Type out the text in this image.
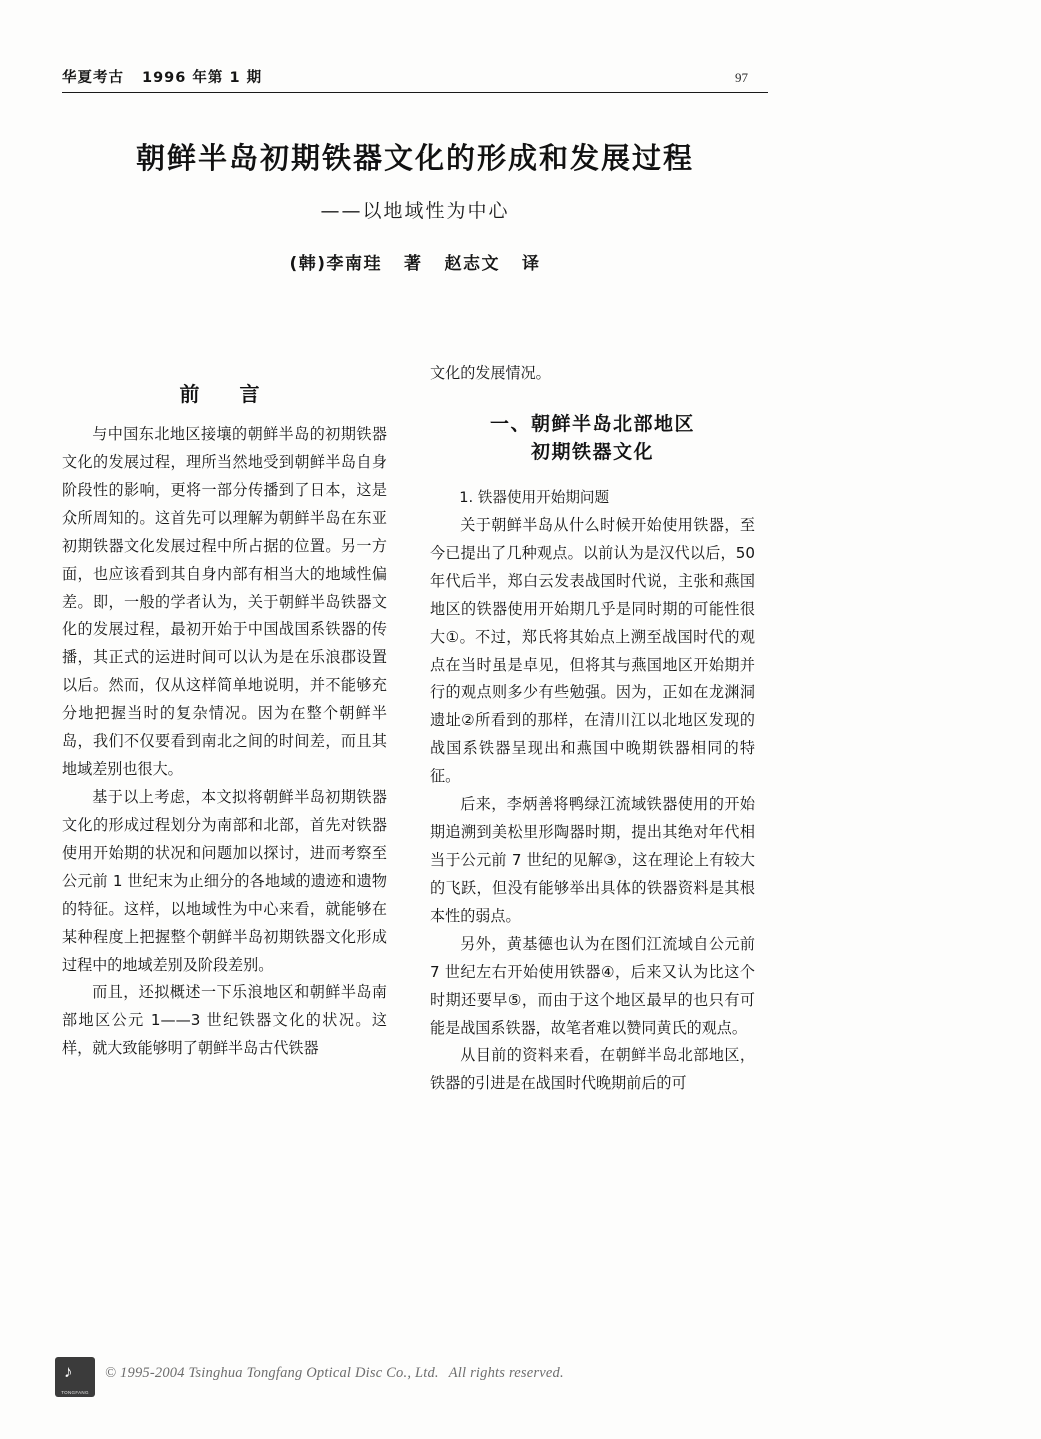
华夏考古 1996 年第 1 期	97
朝鲜半岛初期铁器文化的形成和发展过程
——以地域性为中心
(韩)李南珪 著 赵志文 译
前　言

与中国东北地区接壤的朝鲜半岛的初期铁器文化的发展过程，理所当然地受到朝鲜半岛自身阶段性的影响，更将一部分传播到了日本，这是众所周知的。这首先可以理解为朝鲜半岛在东亚初期铁器文化发展过程中所占据的位置。另一方面，也应该看到其自身内部有相当大的地域性偏差。即，一般的学者认为，关于朝鲜半岛铁器文化的发展过程，最初开始于中国战国系铁器的传播，其正式的运进时间可以认为是在乐浪郡设置以后。然而，仅从这样简单地说明，并不能够充分地把握当时的复杂情况。因为在整个朝鲜半岛，我们不仅要看到南北之间的时间差，而且其地域差别也很大。

基于以上考虑，本文拟将朝鲜半岛初期铁器文化的形成过程划分为南部和北部，首先对铁器使用开始期的状况和问题加以探讨，进而考察至公元前 1 世纪末为止细分的各地域的遗迹和遗物的特征。这样，以地域性为中心来看，就能够在某种程度上把握整个朝鲜半岛初期铁器文化形成过程中的地域差别及阶段差别。

而且，还拟概述一下乐浪地区和朝鲜半岛南部地区公元 1——3 世纪铁器文化的状况。这样，就大致能够明了朝鲜半岛古代铁器

文化的发展情况。

一、朝鲜半岛北部地区
初期铁器文化

1. 铁器使用开始期问题

关于朝鲜半岛从什么时候开始使用铁器，至今已提出了几种观点。以前认为是汉代以后，50 年代后半，郑白云发表战国时代说，主张和燕国地区的铁器使用开始期几乎是同时期的可能性很大①。不过，郑氏将其始点上溯至战国时代的观点在当时虽是卓见，但将其与燕国地区开始期并行的观点则多少有些勉强。因为，正如在龙渊洞遗址②所看到的那样，在清川江以北地区发现的战国系铁器呈现出和燕国中晚期铁器相同的特征。

后来，李炳善将鸭绿江流域铁器使用的开始期追溯到美松里形陶器时期，提出其绝对年代相当于公元前 7 世纪的见解③，这在理论上有较大的飞跃，但没有能够举出具体的铁器资料是其根本性的弱点。

另外，黄基德也认为在图们江流域自公元前 7 世纪左右开始使用铁器④，后来又认为比这个时期还要早⑤，而由于这个地区最早的也只有可能是战国系铁器，故笔者难以赞同黄氏的观点。

从目前的资料来看，在朝鲜半岛北部地区，铁器的引进是在战国时代晚期前后的可

♪
TONGFANG
© 1995-2004 Tsinghua Tongfang Optical Disc Co., Ltd. All rights reserved.
